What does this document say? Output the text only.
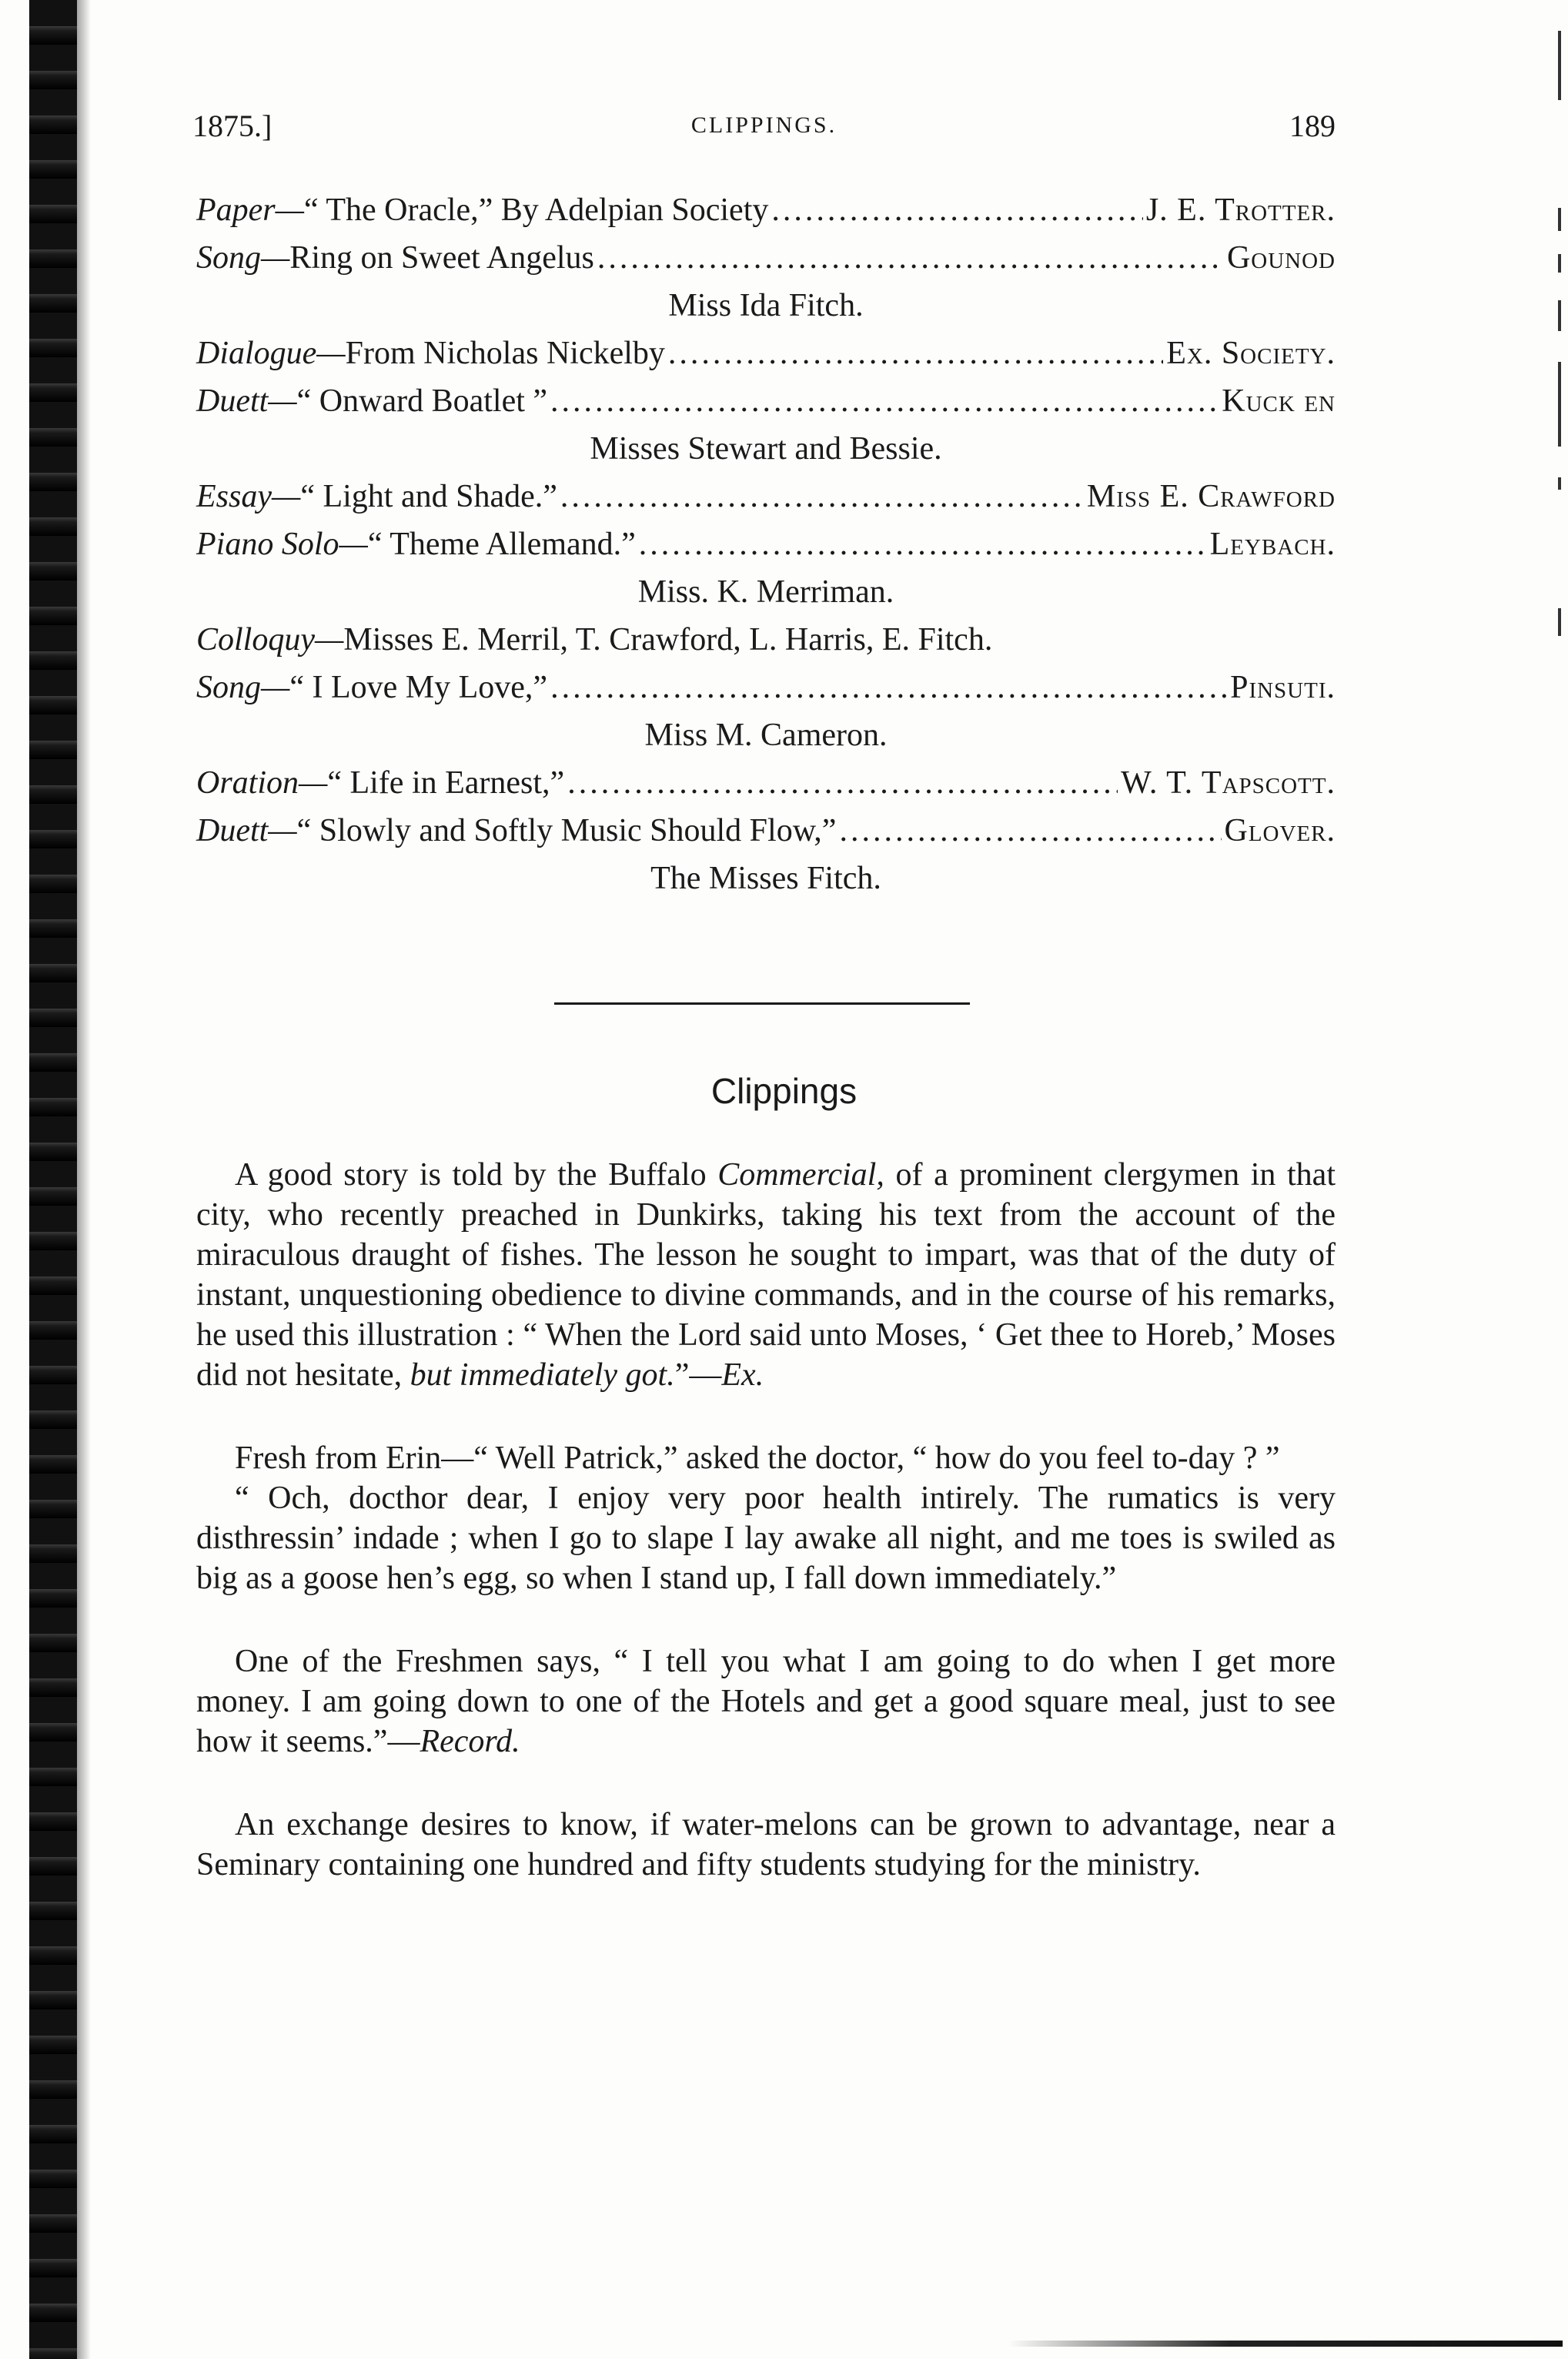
1875.]	CLIPPINGS.	189
Paper— “ The Oracle,” By Adelpian Society .....	J. E. Trotter.
Song— Ring on Sweet Angelus .....	Gounod
Miss Ida Fitch.
Dialogue— From Nicholas Nickelby .....	Ex. Society.
Duett— “ Onward Boatlet ” .....	Kuck en
Misses Stewart and Bessie.
Essay— “ Light and Shade.” .....	Miss E. Crawford
Piano Solo— “ Theme Allemand.” .....	Leybach.
Miss. K. Merriman.
Colloquy— Misses E. Merril, T. Crawford, L. Harris, E. Fitch.
Song— “ I Love My Love,” .....	Pinsuti.
Miss M. Cameron.
Oration— “ Life in Earnest,” .....	W. T. Tapscott.
Duett— “ Slowly and Softly Music Should Flow,” .....	Glover.
The Misses Fitch.
Clippings

A good story is told by the Buffalo Commercial, of a prominent clergymen in that city, who recently preached in Dunkirks, taking his text from the account of the miraculous draught of fishes. The lesson he sought to impart, was that of the duty of instant, unquestioning obedience to divine commands, and in the course of his remarks, he used this illustration : “ When the Lord said unto Moses, ‘ Get thee to Horeb,’ Moses did not hesitate, but immediately got.”—Ex.

Fresh from Erin—“ Well Patrick,” asked the doctor, “ how do you feel to-day ? ”

“ Och, docthor dear, I enjoy very poor health intirely. The rumatics is very disthressin’ indade ; when I go to slape I lay awake all night, and me toes is swiled as big as a goose hen’s egg, so when I stand up, I fall down immediately.”

One of the Freshmen says, “ I tell you what I am going to do when I get more money. I am going down to one of the Hotels and get a good square meal, just to see how it seems.”—Record.

An exchange desires to know, if water-melons can be grown to advantage, near a Seminary containing one hundred and fifty students studying for the ministry.
